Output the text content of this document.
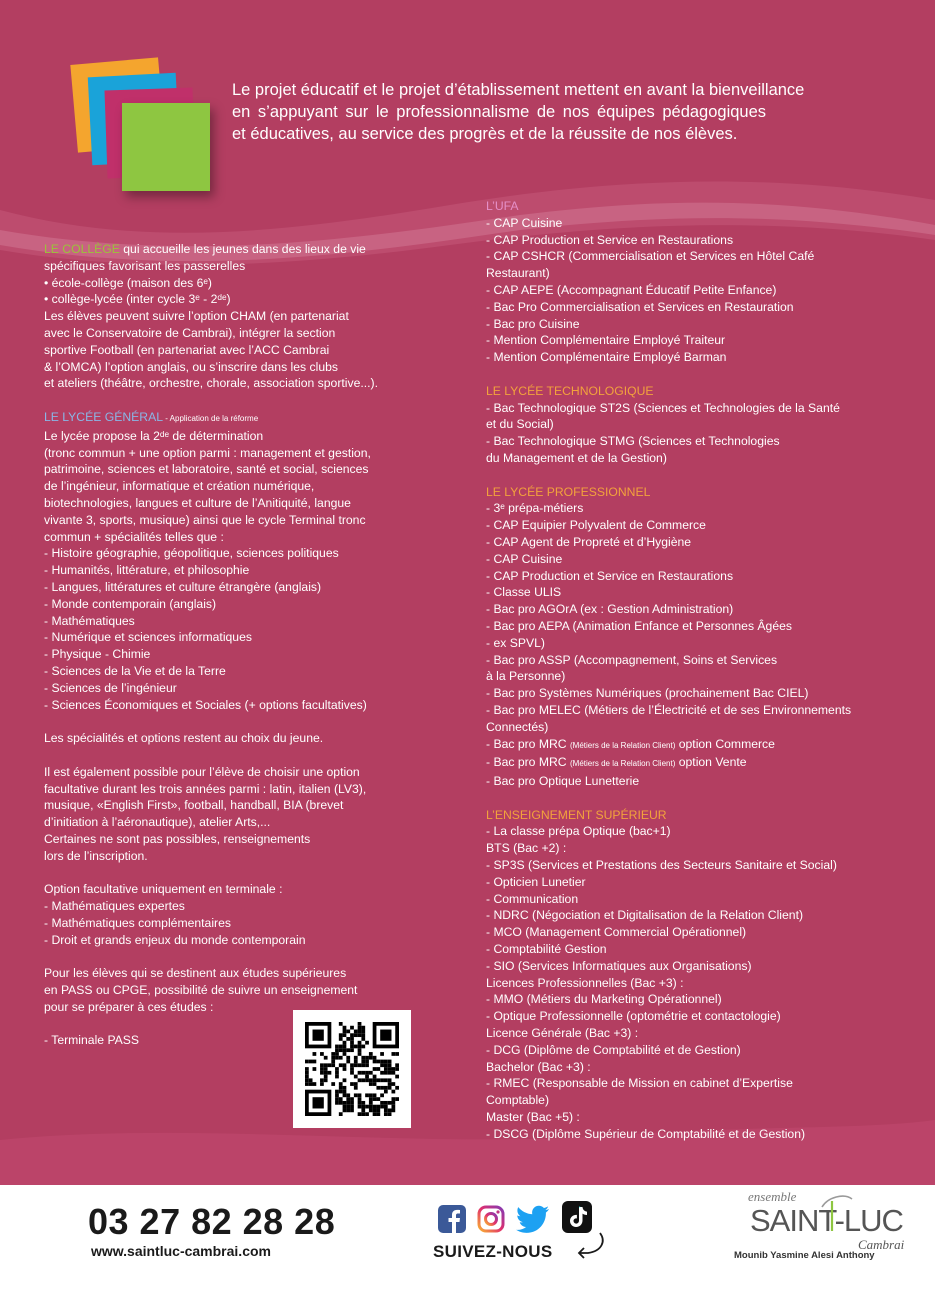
Le projet éducatif et le projet d’établissement mettent en avant la bienveillance
en s’appuyant sur le professionnalisme de nos équipes pédagogiques
et éducatives, au service des progrès et de la réussite de nos élèves.
LE COLLÈGE qui accueille les jeunes dans des lieux de vie
spécifiques favorisant les passerelles
• école-collège (maison des 6ᵉ)
• collège-lycée (inter cycle 3ᵉ - 2ᵈᵉ)
Les élèves peuvent suivre l’option CHAM (en partenariat
avec le Conservatoire de Cambrai), intégrer la section
sportive Football (en partenariat avec l’ACC Cambrai
& l’OMCA) l’option anglais, ou s’inscrire dans les clubs
et ateliers (théâtre, orchestre, chorale, association sportive...).
LE LYCÉE GÉNÉRAL - Application de la réforme
Le lycée propose la 2ᵈᵉ de détermination
(tronc commun + une option parmi : management et gestion,
patrimoine, sciences et laboratoire, santé et social, sciences
de l’ingénieur, informatique et création numérique,
biotechnologies, langues et culture de l’Anitiquité, langue
vivante 3, sports, musique) ainsi que le cycle Terminal tronc
commun + spécialités telles que :
- Histoire géographie, géopolitique, sciences politiques
- Humanités, littérature, et philosophie
- Langues, littératures et culture étrangère (anglais)
- Monde contemporain (anglais)
- Mathématiques
- Numérique et sciences informatiques
- Physique - Chimie
- Sciences de la Vie et de la Terre
- Sciences de l’ingénieur
- Sciences Économiques et Sociales (+ options facultatives)
Les spécialités et options restent au choix du jeune.
Il est également possible pour l’élève de choisir une option
facultative durant les trois années parmi : latin, italien (LV3),
musique, «English First», football, handball, BIA (brevet
d’initiation à l’aéronautique), atelier Arts,...
Certaines ne sont pas possibles, renseignements
lors de l’inscription.
Option facultative uniquement en terminale :
- Mathématiques expertes
- Mathématiques complémentaires
- Droit et grands enjeux du monde contemporain
Pour les élèves qui se destinent aux études supérieures
en PASS ou CPGE, possibilité de suivre un enseignement
pour se préparer à ces études :
- Terminale PASS
L’UFA
- CAP Cuisine
- CAP Production et Service en Restaurations
- CAP CSHCR (Commercialisation et Services en Hôtel Café
Restaurant)
- CAP AEPE (Accompagnant Éducatif Petite Enfance)
- Bac Pro Commercialisation et Services en Restauration
- Bac pro Cuisine
- Mention Complémentaire Employé Traiteur
- Mention Complémentaire Employé Barman
LE LYCÉE TECHNOLOGIQUE
- Bac Technologique ST2S (Sciences et Technologies de la Santé
et du Social)
- Bac Technologique STMG (Sciences et Technologies
du Management et de la Gestion)
LE LYCÉE PROFESSIONNEL
- 3ᵉ prépa-métiers
- CAP Equipier Polyvalent de Commerce
- CAP Agent de Propreté et d’Hygiène
- CAP Cuisine
- CAP Production et Service en Restaurations
- Classe ULIS
- Bac pro AGOrA (ex : Gestion Administration)
- Bac pro AEPA (Animation Enfance et Personnes Âgées
- ex SPVL)
- Bac pro ASSP (Accompagnement, Soins et Services
à la Personne)
- Bac pro Systèmes Numériques (prochainement Bac CIEL)
- Bac pro MELEC (Métiers de l’Électricité et de ses Environnements
Connectés)
- Bac pro MRC (Métiers de la Relation Client) option Commerce
- Bac pro MRC (Métiers de la Relation Client) option Vente
- Bac pro Optique Lunetterie
L’ENSEIGNEMENT SUPÉRIEUR
- La classe prépa Optique (bac+1)
BTS (Bac +2) :
- SP3S (Services et Prestations des Secteurs Sanitaire et Social)
- Opticien Lunetier
- Communication
- NDRC (Négociation et Digitalisation de la Relation Client)
- MCO (Management Commercial Opérationnel)
- Comptabilité Gestion
- SIO (Services Informatiques aux Organisations)
Licences Professionnelles (Bac +3) :
- MMO (Métiers du Marketing Opérationnel)
- Optique Professionnelle (optométrie et contactologie)
Licence Générale (Bac +3) :
- DCG (Diplôme de Comptabilité et de Gestion)
Bachelor (Bac +3) :
- RMEC (Responsable de Mission en cabinet d’Expertise
Comptable)
Master (Bac +5) :
- DSCG (Diplôme Supérieur de Comptabilité et de Gestion)
03 27 82 28 28
www.saintluc-cambrai.com	SUIVEZ-NOUS
ensemble
SAINT-LUC
Cambrai
Mounib Yasmine Alesi Anthony
